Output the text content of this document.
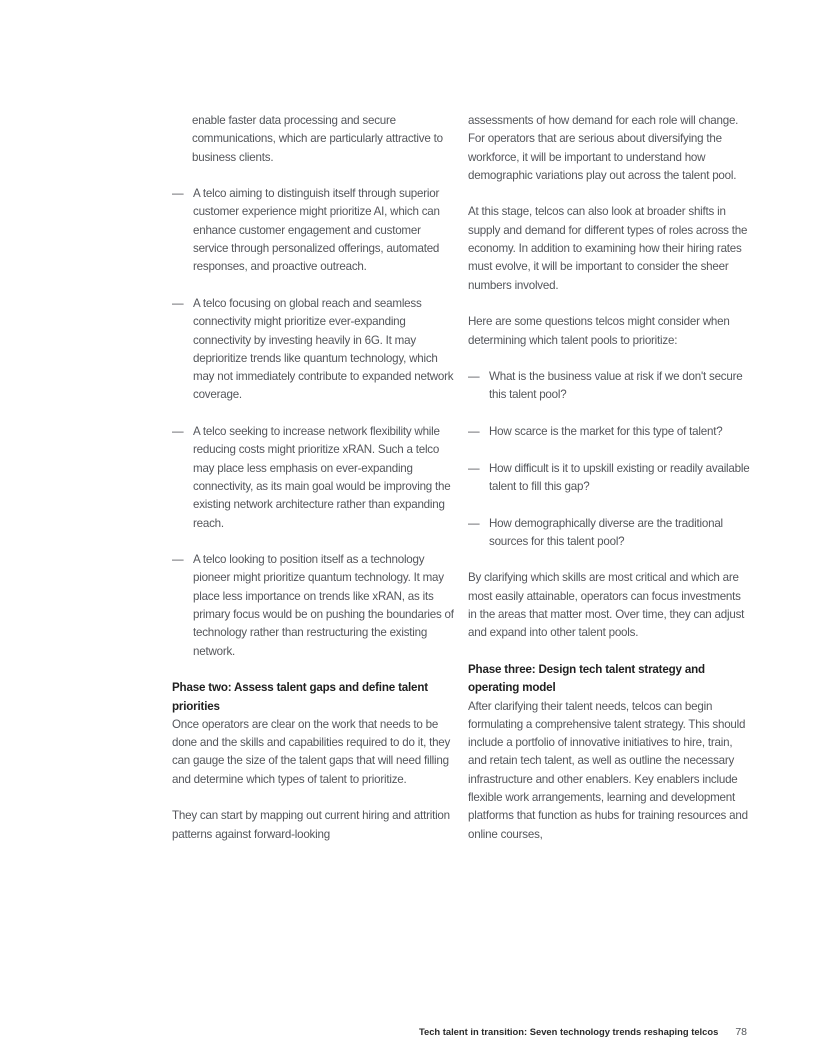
enable faster data processing and secure communications, which are particularly attractive to business clients.

— A telco aiming to distinguish itself through superior customer experience might prioritize AI, which can enhance customer engagement and customer service through personalized offerings, automated responses, and proactive outreach.
— A telco focusing on global reach and seamless connectivity might prioritize ever-expanding connectivity by investing heavily in 6G. It may deprioritize trends like quantum technology, which may not immediately contribute to expanded network coverage.
— A telco seeking to increase network flexibility while reducing costs might prioritize xRAN. Such a telco may place less emphasis on ever-expanding connectivity, as its main goal would be improving the existing network architecture rather than expanding reach.
— A telco looking to position itself as a technology pioneer might prioritize quantum technology. It may place less importance on trends like xRAN, as its primary focus would be on pushing the boundaries of technology rather than restructuring the existing network.
Phase two: Assess talent gaps and define talent priorities

Once operators are clear on the work that needs to be done and the skills and capabilities required to do it, they can gauge the size of the talent gaps that will need filling and determine which types of talent to prioritize.

They can start by mapping out current hiring and attrition patterns against forward-looking

assessments of how demand for each role will change. For operators that are serious about diversifying the workforce, it will be important to understand how demographic variations play out across the talent pool.

At this stage, telcos can also look at broader shifts in supply and demand for different types of roles across the economy. In addition to examining how their hiring rates must evolve, it will be important to consider the sheer numbers involved.

Here are some questions telcos might consider when determining which talent pools to prioritize:

— What is the business value at risk if we don't secure this talent pool?
— How scarce is the market for this type of talent?
— How difficult is it to upskill existing or readily available talent to fill this gap?
— How demographically diverse are the traditional sources for this talent pool?

By clarifying which skills are most critical and which are most easily attainable, operators can focus investments in the areas that matter most. Over time, they can adjust and expand into other talent pools.

Phase three: Design tech talent strategy and operating model

After clarifying their talent needs, telcos can begin formulating a comprehensive talent strategy. This should include a portfolio of innovative initiatives to hire, train, and retain tech talent, as well as outline the necessary infrastructure and other enablers. Key enablers include flexible work arrangements, learning and development platforms that function as hubs for training resources and online courses,

Tech talent in transition: Seven technology trends reshaping telcos 78
